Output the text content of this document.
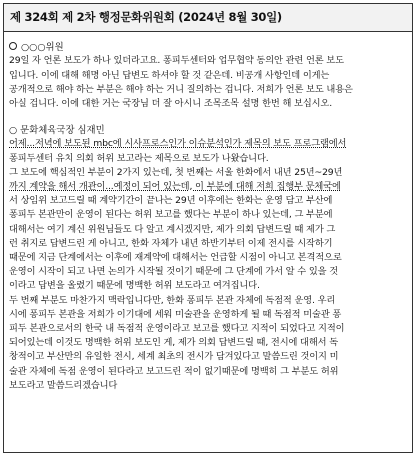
제 324회 제 2차 행정문화위원회 (2024년 8월 30일)
○○○위원
29일 자 언론 보도가 하나 있더라고요. 퐁피두센터와 업무협약 동의안 관련 언론 보도
입니다. 이에 대해 해명 아닌 답변도 하셔야 할 것 같은데. 비공개 사항인데 이게는
공개적으로 해야 하는 부분은 해야 하는 거니 질의하는 겁니다. 저희가 언론 보도 내용은
아실 겁니다. 이에 대한 거는 국장님 더 잘 아시니 조목조목 설명 한번 해 보십시오.
○ 문화체육국장 심재민
어제...저녁에 보도된 mbc에 시사프로스인가 이슈분석인가 제목의 보도 프로그램에서
퐁피두센터 유치 의회 허위 보고라는 제목으로 보도가 나왔습니다.
그 보도에 핵심적인 부분이 2가지 있는데, 첫 번째는 서울 한화에서 내년 25년~29년
까지 계약을 해서 개관이...예정이 되어 있는데, 이 부분에 대해 저희 집행부 문체국에
서 상임위 보고드릴 때 계약기간이 끝나는 29년 이후에는 한화는 운영 담고 부산에
퐁피두 본관만이 운영이 된다는 허위 보고를 했다는 부분이 하나 있는데, 그 부분에
대해서는 여기 계신 위원님들도 다 알고 계시겠지만, 제가 의회 답변드릴 때 제가 그
런 취지로 답변드린 게 아니고, 한화 자체가 내년 하반기부터 이제 전시를 시작하기
때문에 지금 단계에서는 이후에 재계약에 대해서는 언급할 시점이 아니고 본격적으로
운영이 시작이 되고 나면 논의가 시작될 것이기 때문에 그 단계에 가서 알 수 있을 것
이라고 답변을 올렸기 때문에 명백한 허위 보도라고 여겨집니다.
두 번째 부분도 마찬가지 맥락입니다만, 한화 퐁피두 본관 자체에 독점적 운영. 우리
시에 퐁피두 본관을 저희가 이기대에 세워 미술관을 운영하게 될 때 독점적 미술관 퐁
피두 본관으로서의 한국 내 독점적 운영이라고 보고를 했다고 지적이 되었다고 지적이
되어있는데 이것도 명백한 허위 보도인 게, 제가 의회 답변드릴 때, 전시에 대해서 독
창적이고 부산만의 유일한 전시, 세계 최초의 전시가 담겨있다고 말씀드린 것이지 미
술관 자체에 독점 운영이 된다라고 보고드린 적이 없기때문에 명백히 그 부분도 허위
보도라고 말씀드리겠습니다
